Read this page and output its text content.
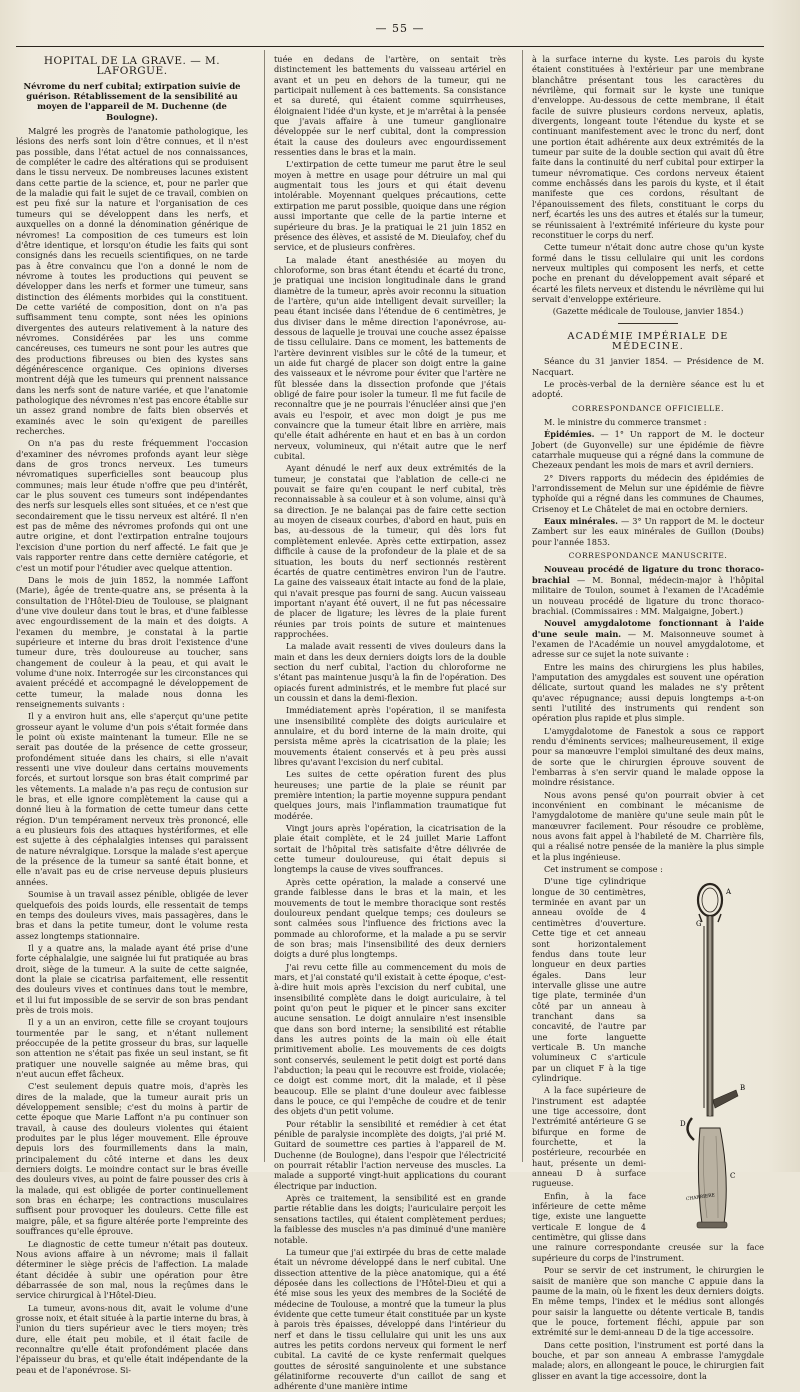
— 55 —
HOPITAL DE LA GRAVE. — M. LAFORGUE.
Névrome du nerf cubital; extirpation suivie de guérison. Rétablissement de la sensibilité au moyen de l'appareil de M. Duchenne (de Boulogne).

Malgré les progrès de l'anatomie pathologique, les lésions des nerfs sont loin d'être connues, et il n'est pas possible, dans l'état actuel de nos connaissances, de compléter le cadre des altérations qui se produisent dans le tissu nerveux. De nombreuses lacunes existent dans cette partie de la science, et, pour ne parler que de la maladie qui fait le sujet de ce travail, combien on est peu fixé sur la nature et l'organisation de ces tumeurs qui se développent dans les nerfs, et auxquelles on a donné la dénomination générique de névromes! La composition de ces tumeurs est loin d'être identique, et lorsqu'on étudie les faits qui sont consignés dans les recueils scientifiques, on ne tarde pas à être convaincu que l'on a donné le nom de névrome à toutes les productions qui peuvent se développer dans les nerfs et former une tumeur, sans distinction des éléments morbides qui la constituent. De cette variété de composition, dont on n'a pas suffisamment tenu compte, sont nées les opinions divergentes des auteurs relativement à la nature des névromes. Considérées par les uns comme cancéreuses, ces tumeurs ne sont pour les autres que des productions fibreuses ou bien des kystes sans dégénérescence organique. Ces opinions diverses montrent déjà que les tumeurs qui prennent naissance dans les nerfs sont de nature variée, et que l'anatomie pathologique des névromes n'est pas encore établie sur un assez grand nombre de faits bien observés et examinés avec le soin qu'exigent de pareilles recherches.

On n'a pas du reste fréquemment l'occasion d'examiner des névromes profonds ayant leur siège dans de gros troncs nerveux. Les tumeurs névromatiques superficielles sont beaucoup plus communes; mais leur étude n'offre que peu d'intérêt, car le plus souvent ces tumeurs sont indépendantes des nerfs sur lesquels elles sont situées, et ce n'est que secondairement que le tissu nerveux est altéré. Il n'en est pas de même des névromes profonds qui ont une autre origine, et dont l'extirpation entraîne toujours l'excision d'une portion du nerf affecté. Le fait que je vais rapporter rentre dans cette dernière catégorie, et c'est un motif pour l'étudier avec quelque attention.

Dans le mois de juin 1852, la nommée Laffont (Marie), âgée de trente-quatre ans, se présenta à la consultation de l'Hôtel-Dieu de Toulouse, se plaignant d'une vive douleur dans tout le bras, et d'une faiblesse avec engourdissement de la main et des doigts. A l'examen du membre, je constatai à la partie supérieure et interne du bras droit l'existence d'une tumeur dure, très douloureuse au toucher, sans changement de couleur à la peau, et qui avait le volume d'une noix. Interrogée sur les circonstances qui avaient précédé et accompagné le développement de cette tumeur, la malade nous donna les renseignements suivants :

Il y a environ huit ans, elle s'aperçut qu'une petite grosseur ayant le volume d'un pois s'était formée dans le point où existe maintenant la tumeur. Elle ne se serait pas doutée de la présence de cette grosseur, profondément située dans les chairs, si elle n'avait ressenti une vive douleur dans certains mouvements forcés, et surtout lorsque son bras était comprimé par les vêtements. La malade n'a pas reçu de contusion sur le bras, et elle ignore complètement la cause qui a donné lieu à la formation de cette tumeur dans cette région. D'un tempérament nerveux très prononcé, elle a eu plusieurs fois des attaques hystériformes, et elle est sujette à des céphalalgies intenses qui paraissent de nature névralgique. Lorsque la malade s'est aperçue de la présence de la tumeur sa santé était bonne, et elle n'avait pas eu de crise nerveuse depuis plusieurs années.

Soumise à un travail assez pénible, obligée de lever quelquefois des poids lourds, elle ressentait de temps en temps des douleurs vives, mais passagères, dans le bras et dans la petite tumeur, dont le volume resta assez longtemps stationnaire.

Il y a quatre ans, la malade ayant été prise d'une forte céphalalgie, une saignée lui fut pratiquée au bras droit, siège de la tumeur. A la suite de cette saignée, dont la plaie se cicatrisa parfaitement, elle ressentit des douleurs vives et continues dans tout le membre, et il lui fut impossible de se servir de son bras pendant près de trois mois.

Il y a un an environ, cette fille se croyant toujours tourmentée par le sang, et n'étant nullement préoccupée de la petite grosseur du bras, sur laquelle son attention ne s'était pas fixée un seul instant, se fit pratiquer une nouvelle saignée au même bras, qui n'eut aucun effet fâcheux.

C'est seulement depuis quatre mois, d'après les dires de la malade, que la tumeur aurait pris un développement sensible; c'est du moins à partir de cette époque que Marie Laffont n'a pu continuer son travail, à cause des douleurs violentes qui étaient produites par le plus léger mouvement. Elle éprouve depuis lors des fourmillements dans la main, principalement du côté interne et dans les deux derniers doigts. Le moindre contact sur le bras éveille des douleurs vives, au point de faire pousser des cris à la malade, qui est obligée de porter continuellement son bras en écharpe; les contractions musculaires suffisent pour provoquer les douleurs. Cette fille est maigre, pâle, et sa figure altérée porte l'empreinte des souffrances qu'elle éprouve.

Le diagnostic de cette tumeur n'était pas douteux. Nous avions affaire à un névrome; mais il fallait déterminer le siège précis de l'affection. La malade étant décidée à subir une opération pour être débarrassée de son mal, nous la reçûmes dans le service chirurgical à l'Hôtel-Dieu.

La tumeur, avons-nous dit, avait le volume d'une grosse noix, et était située à la partie interne du bras, à l'union du tiers supérieur avec le tiers moyen; très dure, elle était peu mobile, et il était facile de reconnaître qu'elle était profondément placée dans l'épaisseur du bras, et qu'elle était indépendante de la peau et de l'aponévrose. Si-

tuée en dedans de l'artère, on sentait très distinctement les battements du vaisseau artériel en avant et un peu en dehors de la tumeur, qui ne participait nullement à ces battements. Sa consistance et sa dureté, qui étaient comme squirrheuses, éloignaient l'idée d'un kyste, et je m'arrêtai à la pensée que j'avais affaire à une tumeur ganglionaire développée sur le nerf cubital, dont la compression était la cause des douleurs avec engourdissement ressenties dans le bras et la main.

L'extirpation de cette tumeur me parut être le seul moyen à mettre en usage pour détruire un mal qui augmentait tous les jours et qui était devenu intolérable. Moyennant quelques précautions, cette extirpation me parut possible, quoique dans une région aussi importante que celle de la partie interne et supérieure du bras. Je la pratiquai le 21 juin 1852 en présence des élèves, et assisté de M. Dieulafoy, chef du service, et de plusieurs confrères.

La malade étant anesthésiée au moyen du chloroforme, son bras étant étendu et écarté du tronc, je pratiquai une incision longitudinale dans le grand diamètre de la tumeur, après avoir reconnu la situation de l'artère, qu'un aide intelligent devait surveiller; la peau étant incisée dans l'étendue de 6 centimètres, je dus diviser dans le même direction l'aponévrose, au-dessous de laquelle je trouvai une couche assez épaisse de tissu cellulaire. Dans ce moment, les battements de l'artère devinrent visibles sur le côté de la tumeur, et un aide fut chargé de placer son doigt entre la gaine des vaisseaux et le névrome pour éviter que l'artère ne fût blessée dans la dissection profonde que j'étais obligé de faire pour isoler la tumeur. Il me fut facile de reconnaître que je ne pourrais l'énucléer ainsi que j'en avais eu l'espoir, et avec mon doigt je pus me convaincre que la tumeur était libre en arrière, mais qu'elle était adhérente en haut et en bas à un cordon nerveux, volumineux, qui n'était autre que le nerf cubital.

Ayant dénudé le nerf aux deux extrémités de la tumeur, je constatai que l'ablation de celle-ci ne pouvait se faire qu'en coupant le nerf cubital, très reconnaissable à sa couleur et à son volume, ainsi qu'à sa direction. Je ne balançai pas de faire cette section au moyen de ciseaux courbes, d'abord en haut, puis en bas, au-dessous de la tumeur, qui dès lors fut complètement enlevée. Après cette extirpation, assez difficile à cause de la profondeur de la plaie et de sa situation, les bouts du nerf sectionnés restèrent écartés de quatre centimètres environ l'un de l'autre. La gaine des vaisseaux était intacte au fond de la plaie, qui n'avait presque pas fourni de sang. Aucun vaisseau important n'ayant été ouvert, il ne fut pas nécessaire de placer de ligature; les lèvres de la plaie furent réunies par trois points de suture et maintenues rapprochées.

La malade avait ressenti de vives douleurs dans la main et dans les deux derniers doigts lors de la double section du nerf cubital, l'action du chloroforme ne s'étant pas maintenue jusqu'à la fin de l'opération. Des opiacés furent administrés, et le membre fut placé sur un coussin et dans la demi-flexion.

Immédiatement après l'opération, il se manifesta une insensibilité complète des doigts auriculaire et annulaire, et du bord interne de la main droite, qui persista même après la cicatrisation de la plaie; les mouvements étaient conservés et à peu près aussi libres qu'avant l'excision du nerf cubital.

Les suites de cette opération furent des plus heureuses; une partie de la plaie se réunit par première intention; la partie moyenne suppura pendant quelques jours, mais l'inflammation traumatique fut modérée.

Vingt jours après l'opération, la cicatrisation de la plaie était complète, et le 24 juillet Marie Laffont sortait de l'hôpital très satisfaite d'être délivrée de cette tumeur douloureuse, qui était depuis si longtemps la cause de vives souffrances.

Après cette opération, la malade a conservé une grande faiblesse dans le bras et la main, et les mouvements de tout le membre thoracique sont restés douloureux pendant quelque temps; ces douleurs se sont calmées sous l'influence des frictions avec la pommade au chloroforme, et la malade a pu se servir de son bras; mais l'insensibilité des deux derniers doigts a duré plus longtemps.

J'ai revu cette fille au commencement du mois de mars, et j'ai constaté qu'il existait à cette époque, c'est-à-dire huit mois après l'excision du nerf cubital, une insensibilité complète dans le doigt auriculaire, à tel point qu'on peut le piquer et le pincer sans exciter aucune sensation. Le doigt annulaire n'est insensible que dans son bord interne; la sensibilité est rétablie dans les autres points de la main où elle était primitivement abolie. Les mouvements de ces doigts sont conservés, seulement le petit doigt est porté dans l'abduction; la peau qui le recouvre est froide, violacée; ce doigt est comme mort, dit la malade, et il pèse beaucoup. Elle se plaint d'une douleur avec faiblesse dans le pouce, ce qui l'empêche de coudre et de tenir des objets d'un petit volume.

Pour rétablir la sensibilité et remédier à cet état pénible de paralysie incomplète des doigts, j'ai prié M. Guitard de soumettre ces parties à l'appareil de M. Duchenne (de Boulogne), dans l'espoir que l'électricité on pourrait rétablir l'action nerveuse des muscles. La malade a supporté vingt-huit applications du courant électrique par induction.

Après ce traitement, la sensibilité est en grande partie rétablie dans les doigts; l'auriculaire perçoit les sensations tactiles, qui étaient complètement perdues; la faiblesse des muscles n'a pas diminué d'une manière notable.

La tumeur que j'ai extirpée du bras de cette malade était un névrome développé dans le nerf cubital. Une dissection attentive de la pièce anatomique, qui a été déposée dans les collections de l'Hôtel-Dieu et qui a été mise sous les yeux des membres de la Société de médecine de Toulouse, a montré que la tumeur la plus évidente que cette tumeur était constituée par un kyste à parois très épaisses, développé dans l'intérieur du nerf et dans le tissu cellulaire qui unit les uns aux autres les petits cordons nerveux qui forment le nerf cubital. La cavité de ce kyste renfermait quelques gouttes de sérosité sanguinolente et une substance gélatiniforme recouverte d'un caillot de sang et adhérente d'une manière intime

à la surface interne du kyste. Les parois du kyste étaient constituées à l'extérieur par une membrane blanchâtre présentant tous les caractères du névrilème, qui formait sur le kyste une tunique d'enveloppe. Au-dessous de cette membrane, il était facile de suivre plusieurs cordons nerveux, aplatis, divergents, longeant toute l'étendue du kyste et se continuant manifestement avec le tronc du nerf, dont une portion était adhérente aux deux extrémités de la tumeur par suite de la double section qui avait dû être faite dans la continuité du nerf cubital pour extirper la tumeur névromatique. Ces cordons nerveux étaient comme enchâssés dans les parois du kyste, et il était manifeste que ces cordons, résultant de l'épanouissement des filets, constituant le corps du nerf, écartés les uns des autres et étalés sur la tumeur, se réunissaient à l'extrémité inférieure du kyste pour reconstituer le corps du nerf.

Cette tumeur n'était donc autre chose qu'un kyste formé dans le tissu cellulaire qui unit les cordons nerveux multiples qui composent les nerfs, et cette poche en prenant du développement avait séparé et écarté les filets nerveux et distendu le névrilème qui lui servait d'enveloppe extérieure.

(Gazette médicale de Toulouse, janvier 1854.)

ACADÉMIE IMPÉRIALE DE MÉDECINE.

Séance du 31 janvier 1854. — Présidence de M. Nacquart.

Le procès-verbal de la dernière séance est lu et adopté.

CORRESPONDANCE OFFICIELLE.

M. le ministre du commerce transmet :

Épidémies. — 1° Un rapport de M. le docteur Jobert (de Guyonvelle) sur une épidémie de fièvre catarrhale muqueuse qui a régné dans la commune de Chezeaux pendant les mois de mars et avril derniers.

2° Divers rapports du médecin des épidémies de l'arrondissement de Melun sur une épidémie de fièvre typhoïde qui a régné dans les communes de Chaumes, Crisenoy et Le Châtelet de mai en octobre derniers.

Eaux minérales. — 3° Un rapport de M. le docteur Zambert sur les eaux minérales de Guillon (Doubs) pour l'année 1853.

CORRESPONDANCE MANUSCRITE.

Nouveau procédé de ligature du tronc thoraco-brachial — M. Bonnal, médecin-major à l'hôpital militaire de Toulon, soumet à l'examen de l'Académie un nouveau procédé de ligature du tronc thoraco-brachial. (Commissaires : MM. Malgaigne, Jobert.)

Nouvel amygdalotome fonctionnant à l'aide d'une seule main. — M. Maisonneuve soumet à l'examen de l'Académie un nouvel amygdalotome, et adresse sur ce sujet la note suivante :

Entre les mains des chirurgiens les plus habiles, l'amputation des amygdales est souvent une opération délicate, surtout quand les malades ne s'y prêtent qu'avec répugnance; aussi depuis longtemps a-t-on senti l'utilité des instruments qui rendent son opération plus rapide et plus simple.

L'amygdalotome de Fanestok a sous ce rapport rendu d'éminents services; malheureusement, il exige pour sa manœuvre l'emploi simultané des deux mains, de sorte que le chirurgien éprouve souvent de l'embarras à s'en servir quand le malade oppose la moindre résistance.

Nous avons pensé qu'on pourrait obvier à cet inconvénient en combinant le mécanisme de l'amygdalotome de manière qu'une seule main pût le manœuvrer facilement. Pour résoudre ce problème, nous avons fait appel à l'habileté de M. Charrière fils, qui a réalisé notre pensée de la manière la plus simple et la plus ingénieuse.

Cet instrument se compose :

G
A
B
D
C
CHARRIERE

D'une tige cylindrique longue de 30 centimètres, terminée en avant par un anneau ovoïde de 4 centimètres d'ouverture. Cette tige et cet anneau sont horizontalement fendus dans toute leur longueur en deux parties égales. Dans leur intervalle glisse une autre tige plate, terminée d'un côté par un anneau à tranchant dans sa concavité, de l'autre par une forte languette verticale B. Un manche volumineux C s'articule par un cliquet F à la tige cylindrique.

A la face supérieure de l'instrument est adaptée une tige accessoire, dont l'extrémité antérieure G se bifurque en forme de fourchette, et la postérieure, recourbée en haut, présente un demi-anneau D à surface rugueuse.

Enfin, à la face inférieure de cette même tige, existe une languette verticale E longue de 4 centimètre, qui glisse dans une rainure correspondante creusée sur la face supérieure du corps de l'instrument.

Pour se servir de cet instrument, le chirurgien le saisit de manière que son manche C appuie dans la paume de la main, où le fixent les deux derniers doigts. En même temps, l'index et le médius sont allongés pour saisir la languette ou détente verticale B, tandis que le pouce, fortement fléchi, appuie par son extrémité sur le demi-anneau D de la tige accessoire.

Dans cette position, l'instrument est porté dans la bouche, et par son anneau A embrasse l'amygdale malade; alors, en allongeant le pouce, le chirurgien fait glisser en avant la tige accessoire, dont la
